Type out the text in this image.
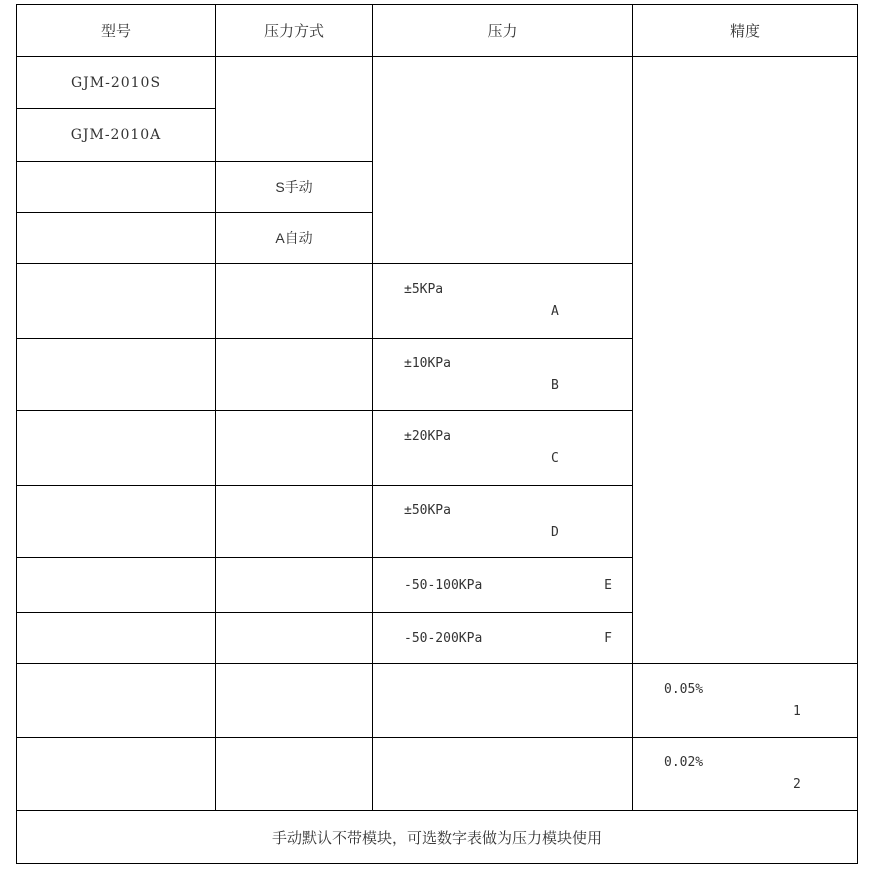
型号	压力方式	压力	精度
GJM-2010S			
GJM-2010A			
	S手动		
	A自动		

		±5KPa
A	

		±10KPa
B	

		±20KPa
C	

		±50KPa
D	

		-50-100KPa E	

		-50-200KPa F	

			0.05%
1

			0.02%
2

手动默认不带模块，可选数字表做为压力模块使用			
